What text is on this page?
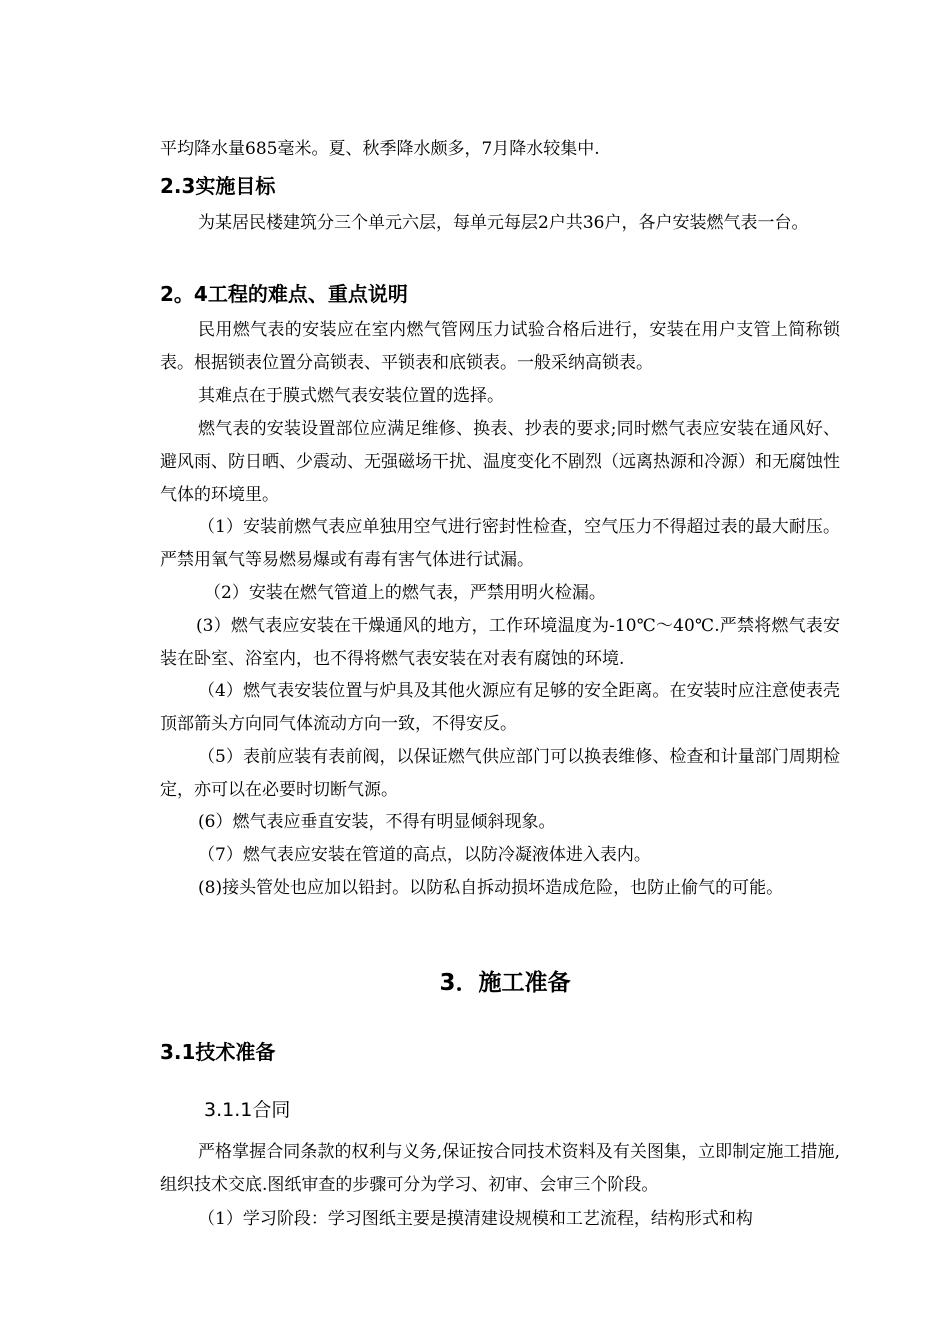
平均降水量685毫米。夏、秋季降水颇多，7月降水较集中.

2.3实施目标

为某居民楼建筑分三个单元六层，每单元每层2户共36户，各户安装燃气表一台。

2。4工程的难点、重点说明

民用燃气表的安装应在室内燃气管网压力试验合格后进行，安装在用户支管上简称锁表。根据锁表位置分高锁表、平锁表和底锁表。一般采纳高锁表。

其难点在于膜式燃气表安装位置的选择。

燃气表的安装设置部位应满足维修、换表、抄表的要求;同时燃气表应安装在通风好、避风雨、防日晒、少震动、无强磁场干扰、温度变化不剧烈（远离热源和冷源）和无腐蚀性气体的环境里。

（1）安装前燃气表应单独用空气进行密封性检查，空气压力不得超过表的最大耐压。严禁用氧气等易燃易爆或有毒有害气体进行试漏。

（2）安装在燃气管道上的燃气表，严禁用明火检漏。

(3）燃气表应安装在干燥通风的地方，工作环境温度为-10℃～40℃.严禁将燃气表安装在卧室、浴室内，也不得将燃气表安装在对表有腐蚀的环境.

（4）燃气表安装位置与炉具及其他火源应有足够的安全距离。在安装时应注意使表壳顶部箭头方向同气体流动方向一致，不得安反。

（5）表前应装有表前阀，以保证燃气供应部门可以换表维修、检查和计量部门周期检定，亦可以在必要时切断气源。

(6）燃气表应垂直安装，不得有明显倾斜现象。

（7）燃气表应安装在管道的高点，以防冷凝液体进入表内。

(8)接头管处也应加以铅封。以防私自拆动损坏造成危险，也防止偷气的可能。

3．施工准备
3.1技术准备
3.1.1合同

严格掌握合同条款的权利与义务,保证按合同技术资料及有关图集，立即制定施工措施,组织技术交底.图纸审查的步骤可分为学习、初审、会审三个阶段。

（1）学习阶段：学习图纸主要是摸清建设规模和工艺流程，结构形式和构
